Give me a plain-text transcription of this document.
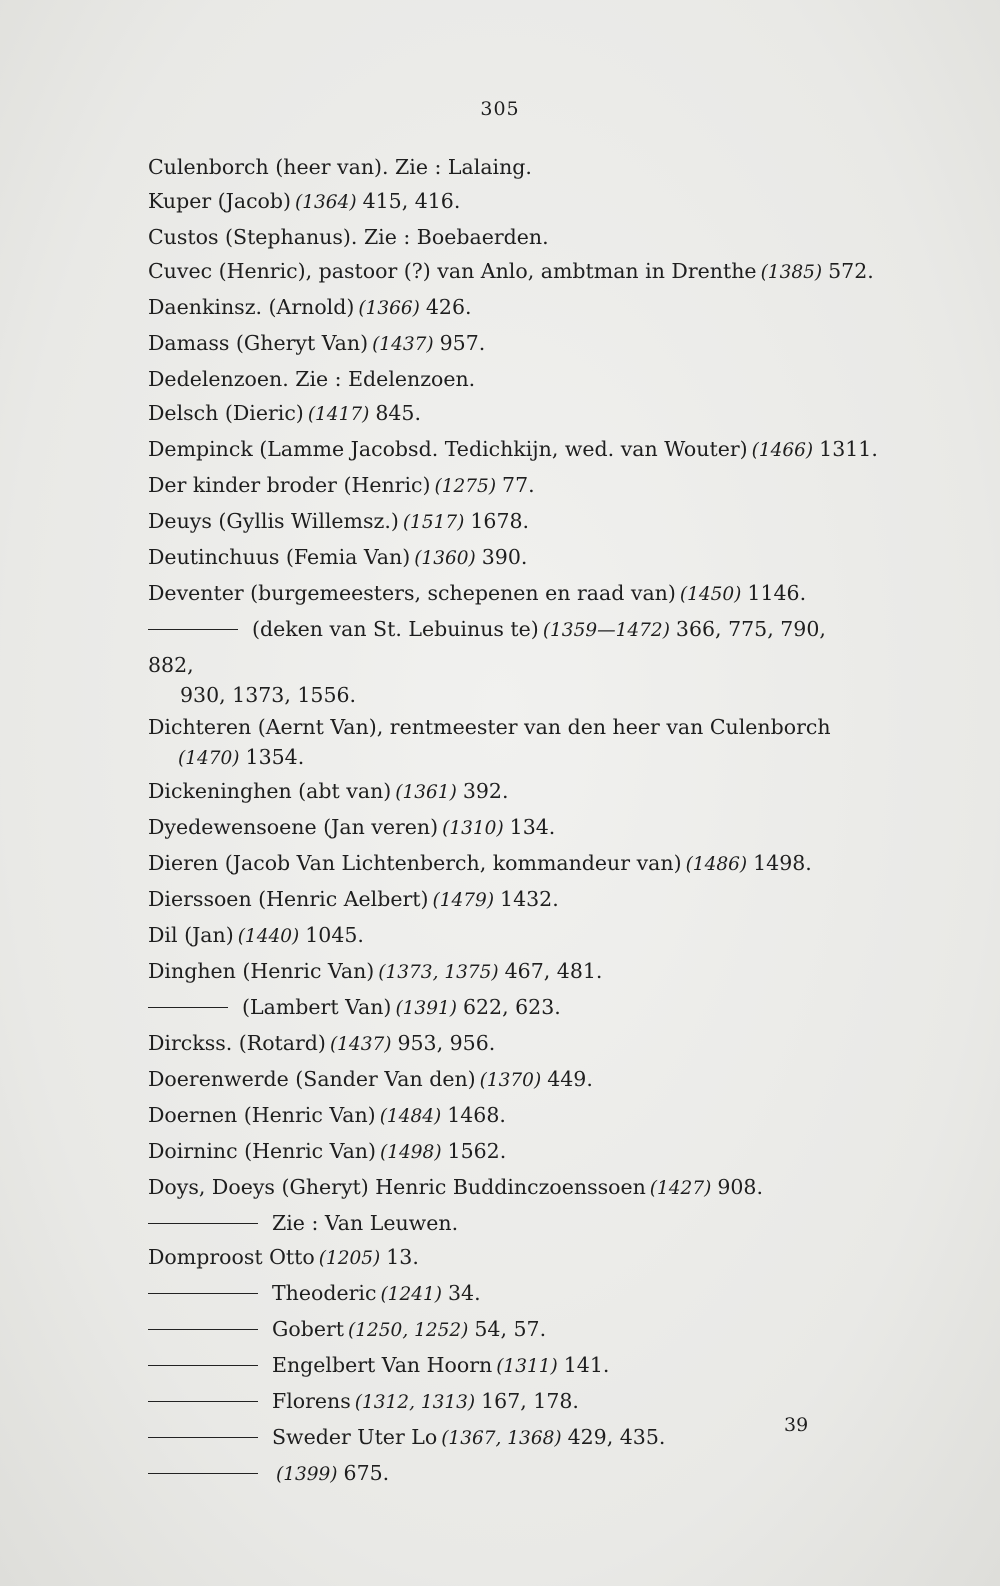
305
Culenborch (heer van). Zie : Lalaing.
Kuper (Jacob) (1364) 415, 416.
Custos (Stephanus). Zie : Boebaerden.
Cuvec (Henric), pastoor (?) van Anlo, ambtman in Drenthe (1385) 572.
Daenkinsz. (Arnold) (1366) 426.
Damass (Gheryt Van) (1437) 957.
Dedelenzoen. Zie : Edelenzoen.
Delsch (Dieric) (1417) 845.
Dempinck (Lamme Jacobsd. Tedichkijn, wed. van Wouter) (1466) 1311.
Der kinder broder (Henric) (1275) 77.
Deuys (Gyllis Willemsz.) (1517) 1678.
Deutinchuus (Femia Van) (1360) 390.
Deventer (burgemeesters, schepenen en raad van) (1450) 1146.
(deken van St. Lebuinus te) (1359—1472) 366, 775, 790, 882,
930, 1373, 1556.
Dichteren (Aernt Van), rentmeester van den heer van Culenborch
(1470) 1354.
Dickeninghen (abt van) (1361) 392.
Dyedewensoene (Jan veren) (1310) 134.
Dieren (Jacob Van Lichtenberch, kommandeur van) (1486) 1498.
Dierssoen (Henric Aelbert) (1479) 1432.
Dil (Jan) (1440) 1045.
Dinghen (Henric Van) (1373, 1375) 467, 481.
(Lambert Van) (1391) 622, 623.
Dirckss. (Rotard) (1437) 953, 956.
Doerenwerde (Sander Van den) (1370) 449.
Doernen (Henric Van) (1484) 1468.
Doirninc (Henric Van) (1498) 1562.
Doys, Doeys (Gheryt) Henric Buddinczoenssoen (1427) 908.
Zie : Van Leuwen.
Domproost Otto (1205) 13.
Theoderic (1241) 34.
Gobert (1250, 1252) 54, 57.
Engelbert Van Hoorn (1311) 141.
Florens (1312, 1313) 167, 178.
Sweder Uter Lo (1367, 1368) 429, 435.
(1399) 675.
39
